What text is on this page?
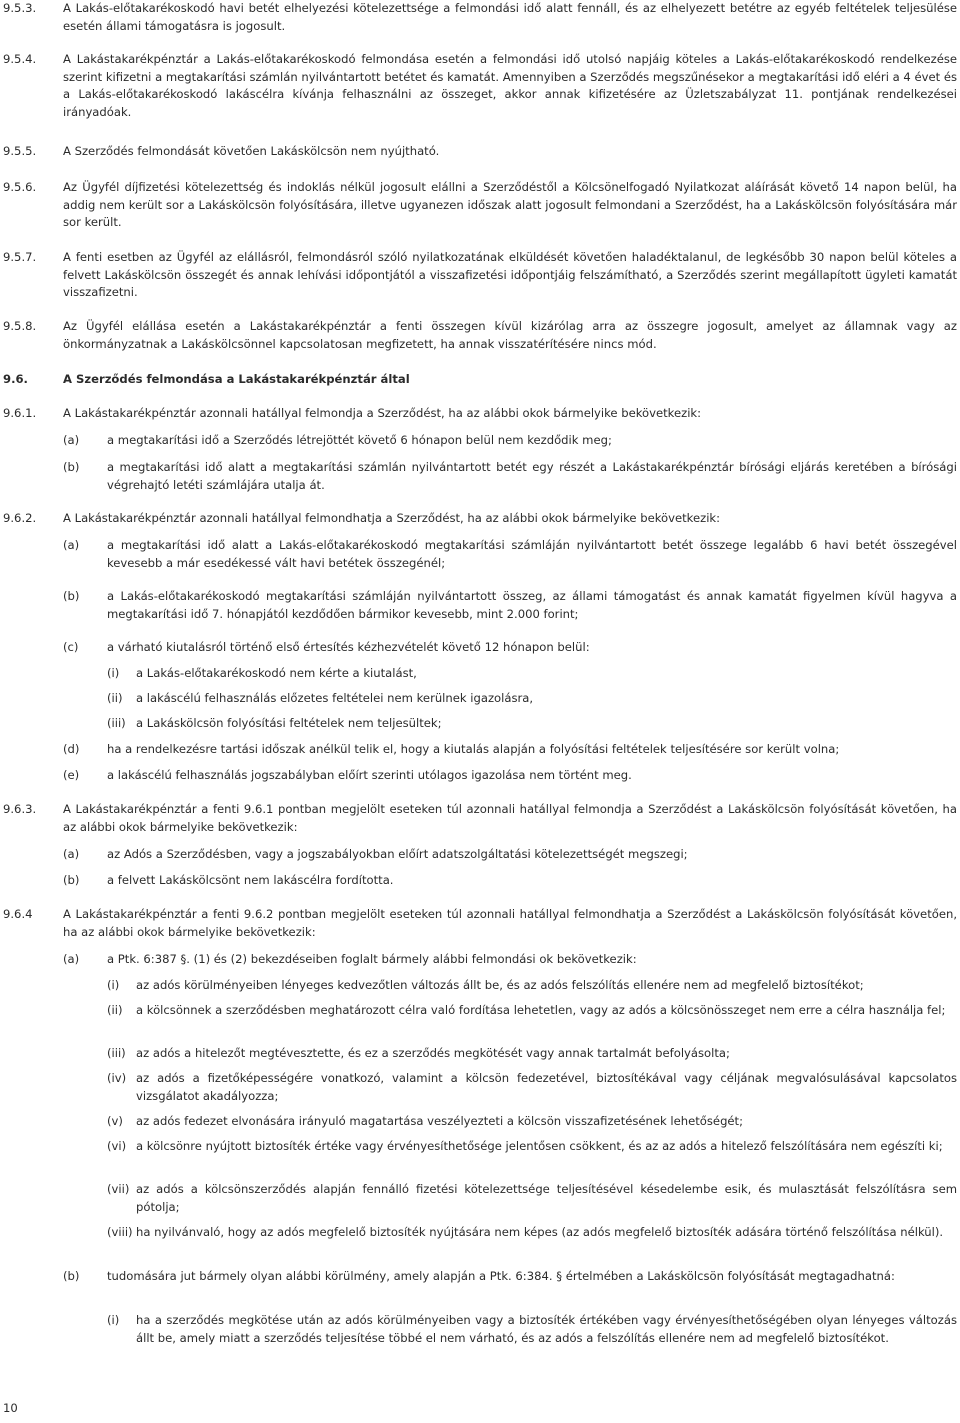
9.5.3. A Lakás-előtakarékoskodó havi betét elhelyezési kötelezettsége a felmondási idő alatt fennáll, és az elhelyezett betétre az egyéb feltételek teljesülése esetén állami támogatásra is jogosult.
9.5.4. A Lakástakarékpénztár a Lakás-előtakarékoskodó felmondása esetén a felmondási idő utolsó napjáig köteles a Lakás-előtakarékoskodó rendelkezése szerint kifizetni a megtakarítási számlán nyilvántartott betétet és kamatát. Amennyiben a Szerződés megszűnésekor a megtakarítási idő eléri a 4 évet és a Lakás-előtakarékoskodó lakáscélra kívánja felhasználni az összeget, akkor annak kifizetésére az Üzletszabályzat 11. pontjának rendelkezései irányadóak.
9.5.5. A Szerződés felmondását követően Lakáskölcsön nem nyújtható.
9.5.6. Az Ügyfél díjfizetési kötelezettség és indoklás nélkül jogosult elállni a Szerződéstől a Kölcsönelfogadó Nyilatkozat aláírását követő 14 napon belül, ha addig nem került sor a Lakáskölcsön folyósítására, illetve ugyanezen időszak alatt jogosult felmondani a Szerződést, ha a Lakáskölcsön folyósítására már sor került.
9.5.7. A fenti esetben az Ügyfél az elállásról, felmondásról szóló nyilatkozatának elküldését követően haladéktalanul, de legkésőbb 30 napon belül köteles a felvett Lakáskölcsön összegét és annak lehívási időpontjától a visszafizetési időpontjáig felszámítható, a Szerződés szerint megállapított ügyleti kamatát visszafizetni.
9.5.8. Az Ügyfél elállása esetén a Lakástakarékpénztár a fenti összegen kívül kizárólag arra az összegre jogosult, amelyet az államnak vagy az önkormányzatnak a Lakáskölcsönnel kapcsolatosan megfizetett, ha annak visszatérítésére nincs mód.
9.6.	A Szerződés felmondása a Lakástakarékpénztár által
9.6.1. A Lakástakarékpénztár azonnali hatállyal felmondja a Szerződést, ha az alábbi okok bármelyike bekövetkezik:
(a) a megtakarítási idő a Szerződés létrejöttét követő 6 hónapon belül nem kezdődik meg;
(b) a megtakarítási idő alatt a megtakarítási számlán nyilvántartott betét egy részét a Lakástakarékpénztár bírósági eljárás keretében a bírósági végrehajtó letéti számlájára utalja át.
9.6.2. A Lakástakarékpénztár azonnali hatállyal felmondhatja a Szerződést, ha az alábbi okok bármelyike bekövetkezik:
(a) a megtakarítási idő alatt a Lakás-előtakarékoskodó megtakarítási számláján nyilvántartott betét összege legalább 6 havi betét összegével kevesebb a már esedékessé vált havi betétek összegénél;
(b) a Lakás-előtakarékoskodó megtakarítási számláján nyilvántartott összeg, az állami támogatást és annak kamatát figyelmen kívül hagyva a megtakarítási idő 7. hónapjától kezdődően bármikor kevesebb, mint 2.000 forint;
(c) a várható kiutalásról történő első értesítés kézhezvételét követő 12 hónapon belül:
(i) a Lakás-előtakarékoskodó nem kérte a kiutalást,
(ii) a lakáscélú felhasználás előzetes feltételei nem kerülnek igazolásra,
(iii) a Lakáskölcsön folyósítási feltételek nem teljesültek;
(d) ha a rendelkezésre tartási időszak anélkül telik el, hogy a kiutalás alapján a folyósítási feltételek teljesítésére sor került volna;
(e) a lakáscélú felhasználás jogszabályban előírt szerinti utólagos igazolása nem történt meg.
9.6.3. A Lakástakarékpénztár a fenti 9.6.1 pontban megjelölt eseteken túl azonnali hatállyal felmondja a Szerződést a Lakáskölcsön folyósítását követően, ha az alábbi okok bármelyike bekövetkezik:
(a) az Adós a Szerződésben, vagy a jogszabályokban előírt adatszolgáltatási kötelezettségét megszegi;
(b) a felvett Lakáskölcsönt nem lakáscélra fordította.
9.6.4	A Lakástakarékpénztár a fenti 9.6.2 pontban megjelölt eseteken túl azonnali hatállyal felmondhatja a Szerződést a Lakáskölcsön folyósítását követően, ha az alábbi okok bármelyike bekövetkezik:
(a) a Ptk. 6:387 §. (1) és (2) bekezdéseiben foglalt bármely alábbi felmondási ok bekövetkezik:
(i) az adós körülményeiben lényeges kedvezőtlen változás állt be, és az adós felszólítás ellenére nem ad megfelelő biztosítékot;
(ii) a kölcsönnek a szerződésben meghatározott célra való fordítása lehetetlen, vagy az adós a kölcsönösszeget nem erre a célra használja fel;
(iii) az adós a hitelezőt megtévesztette, és ez a szerződés megkötését vagy annak tartalmát befolyásolta;
(iv) az adós a fizetőképességére vonatkozó, valamint a kölcsön fedezetével, biztosítékával vagy céljának megvalósulásával kapcsolatos vizsgálatot akadályozza;
(v) az adós fedezet elvonására irányuló magatartása veszélyezteti a kölcsön visszafizetésének lehetőségét;
(vi) a kölcsönre nyújtott biztosíték értéke vagy érvényesíthetősége jelentősen csökkent, és az az adós a hitelező felszólítására nem egészíti ki;
(vii) az adós a kölcsönszerződés alapján fennálló fizetési kötelezettsége teljesítésével késedelembe esik, és mulasztását felszólításra sem pótolja;
(viii) ha nyilvánvaló, hogy az adós megfelelő biztosíték nyújtására nem képes (az adós megfelelő biztosíték adására történő felszólítása nélkül).
(b) tudomására jut bármely olyan alábbi körülmény, amely alapján a Ptk. 6:384. § értelmében a Lakáskölcsön folyósítását megtagadhatná:
(i) ha a szerződés megkötése után az adós körülményeiben vagy a biztosíték értékében vagy érvényesíthetőségében olyan lényeges változás állt be, amely miatt a szerződés teljesítése többé el nem várható, és az adós a felszólítás ellenére nem ad megfelelő biztosítékot.
10
